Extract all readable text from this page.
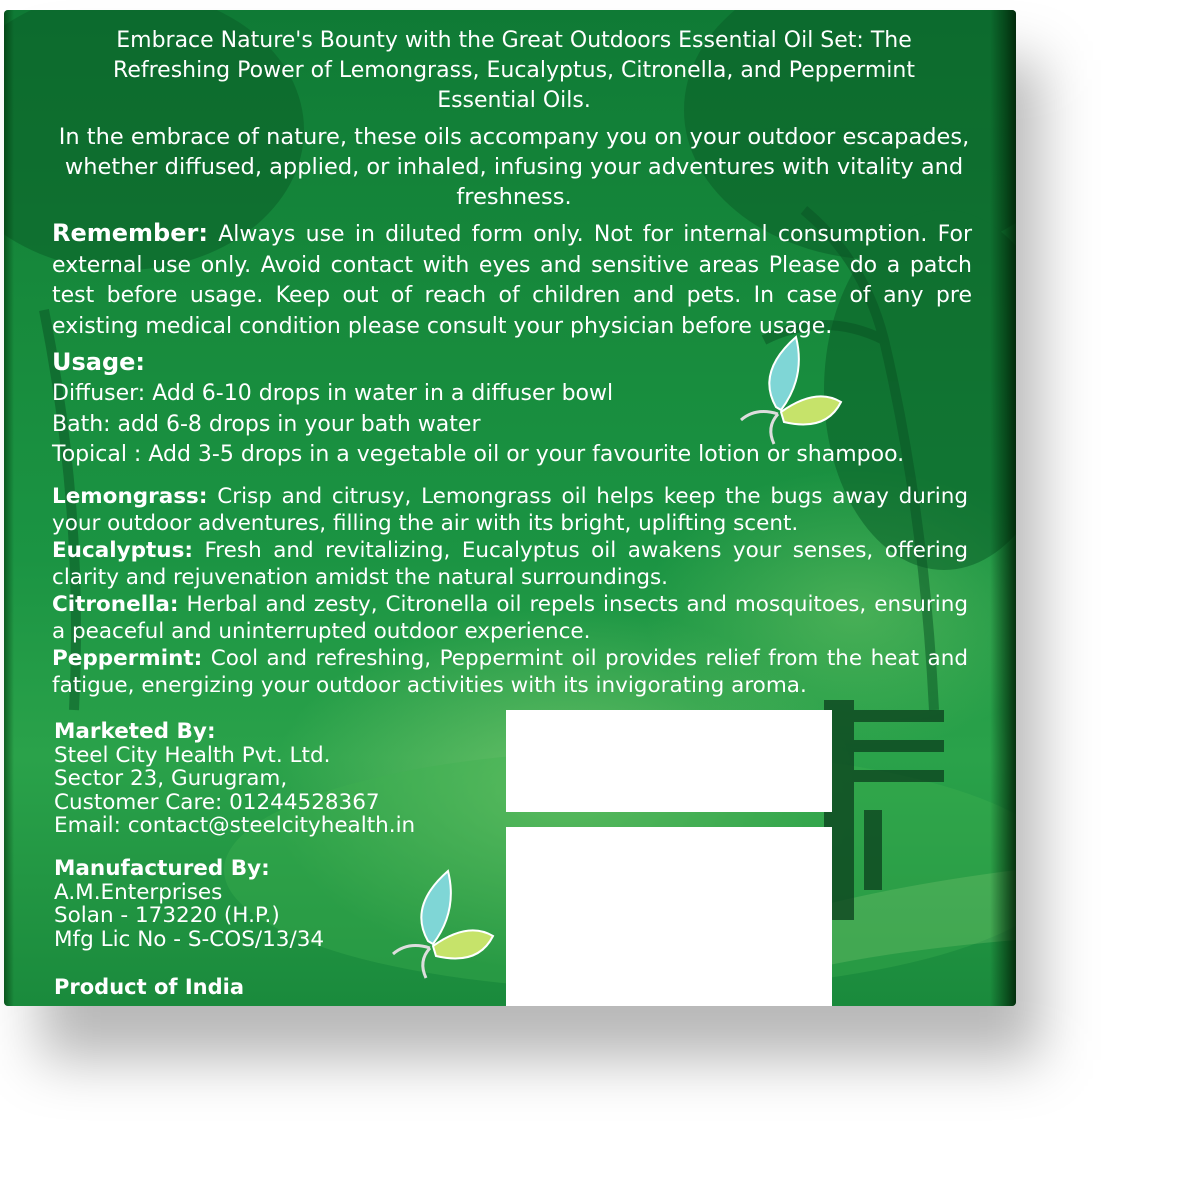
Embrace Nature's Bounty with the Great Outdoors Essential Oil Set: The Refreshing Power of Lemongrass, Eucalyptus, Citronella, and Peppermint Essential Oils.
In the embrace of nature, these oils accompany you on your outdoor escapades, whether diffused, applied, or inhaled, infusing your adventures with vitality and freshness.

Remember: Always use in diluted form only. Not for internal consumption. For external use only. Avoid contact with eyes and sensitive areas Please do a patch test before usage. Keep out of reach of children and pets. In case of any pre existing medical condition please consult your physician before usage.

Usage:
Diffuser: Add 6-10 drops in water in a diffuser bowl
Bath: add 6-8 drops in your bath water
Topical : Add 3-5 drops in a vegetable oil or your favourite lotion or shampoo.

Lemongrass: Crisp and citrusy, Lemongrass oil helps keep the bugs away during your outdoor adventures, filling the air with its bright, uplifting scent.

Eucalyptus: Fresh and revitalizing, Eucalyptus oil awakens your senses, offering clarity and rejuvenation amidst the natural surroundings.

Citronella: Herbal and zesty, Citronella oil repels insects and mosquitoes, ensuring a peaceful and uninterrupted outdoor experience.

Peppermint: Cool and refreshing, Peppermint oil provides relief from the heat and fatigue, energizing your outdoor activities with its invigorating aroma.

Marketed By:
Steel City Health Pvt. Ltd.
Sector 23, Gurugram,
Customer Care: 01244528367
Email: contact@steelcityhealth.in
Manufactured By:
A.M.Enterprises
Solan - 173220 (H.P.)
Mfg Lic No - S-COS/13/34
Product of India
